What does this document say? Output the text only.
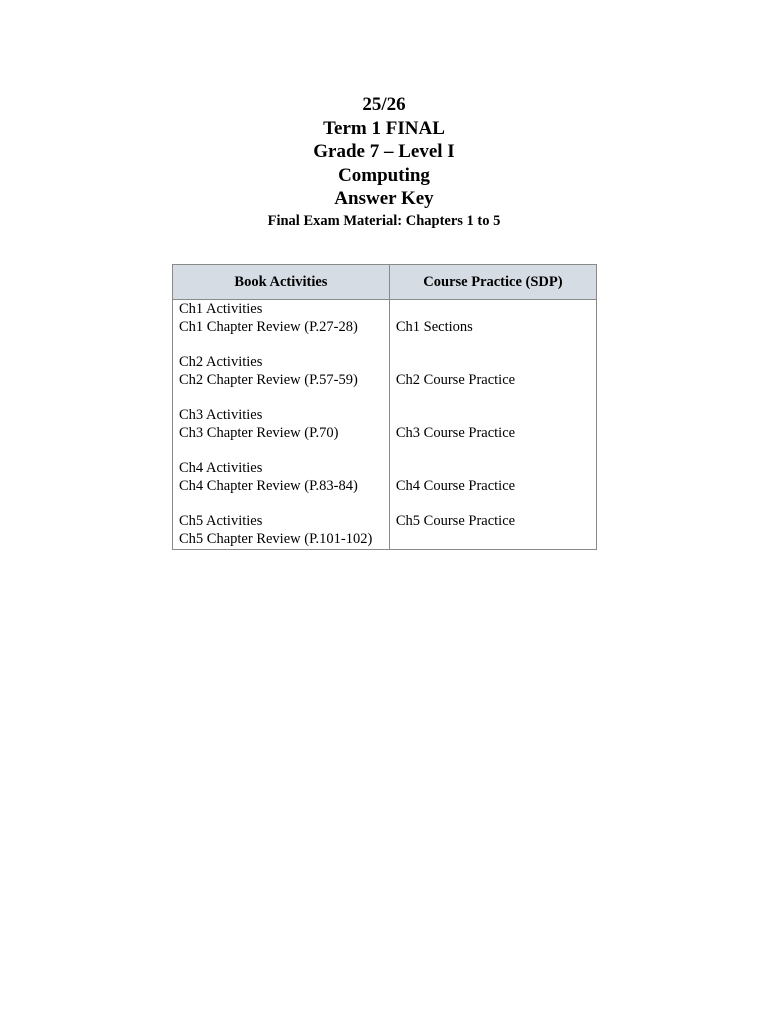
25/26

Term 1 FINAL

Grade 7 – Level I

Computing

Answer Key

Final Exam Material: Chapters 1 to 5

Book Activities	Course Practice (SDP)

Ch1 Activities
Ch1 Chapter Review (P.27-28)	Ch1 Sections

Ch2 Activities
Ch2 Chapter Review (P.57-59)	Ch2 Course Practice

Ch3 Activities
Ch3 Chapter Review (P.70)	Ch3 Course Practice

Ch4 Activities
Ch4 Chapter Review (P.83-84)	Ch4 Course Practice

Ch5 Activities
Ch5 Chapter Review (P.101-102)	Ch5 Course Practice
